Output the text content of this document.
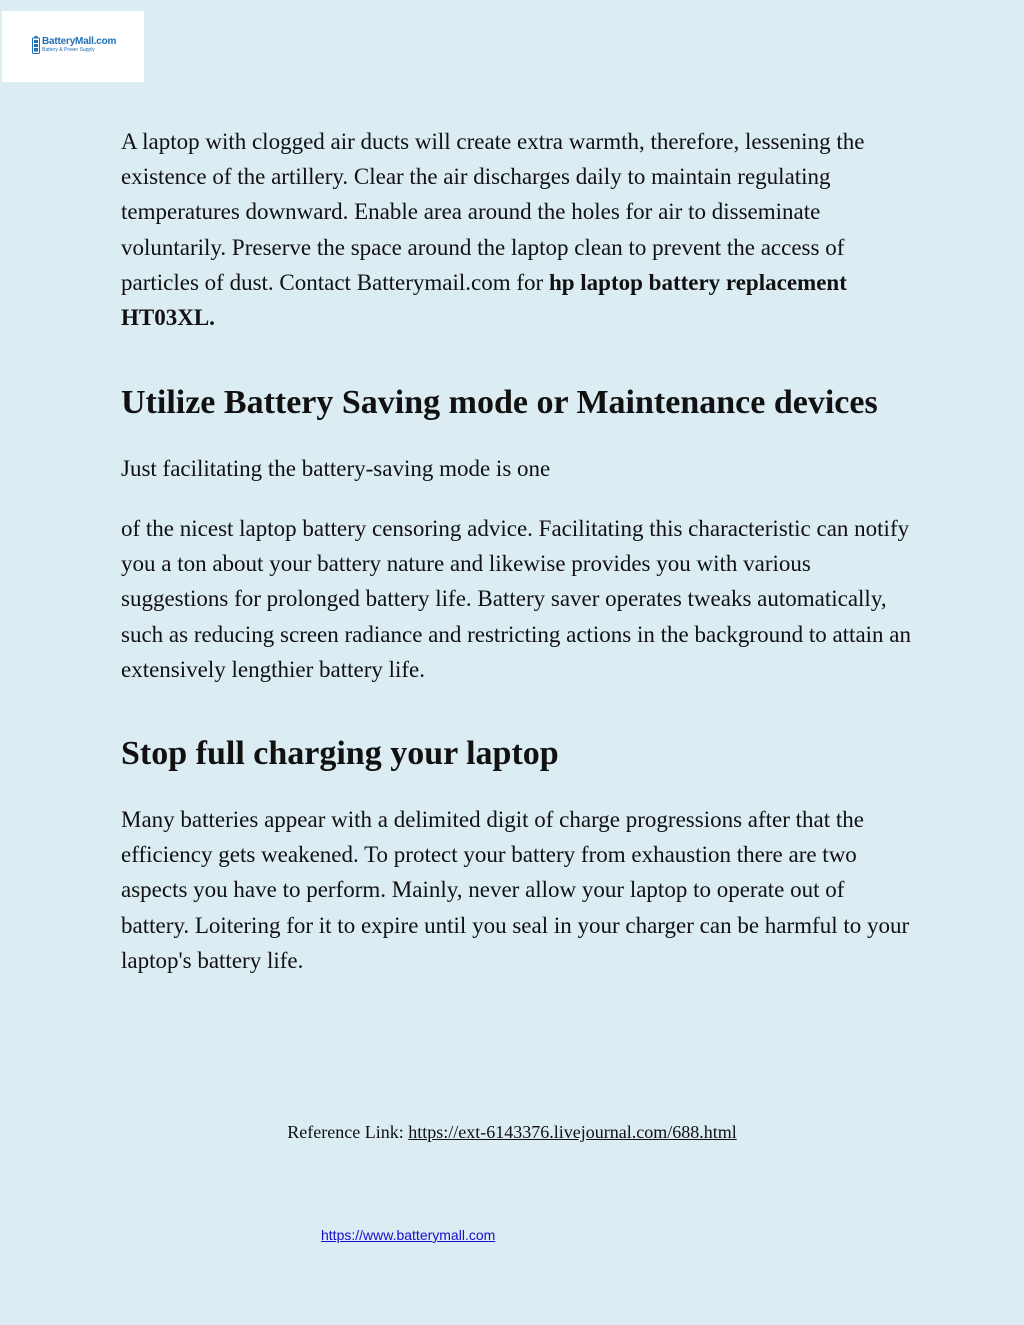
BatteryMall.com
Battery & Power Supply

A laptop with clogged air ducts will create extra warmth, therefore, lessening the existence of the artillery. Clear the air discharges daily to maintain regulating temperatures downward. Enable area around the holes for air to disseminate voluntarily. Preserve the space around the laptop clean to prevent the access of particles of dust. Contact Batterymail.com for hp laptop battery replacement HT03XL.

Utilize Battery Saving mode or Maintenance devices

Just facilitating the battery-saving mode is one

of the nicest laptop battery censoring advice. Facilitating this characteristic can notify you a ton about your battery nature and likewise provides you with various suggestions for prolonged battery life. Battery saver operates tweaks automatically, such as reducing screen radiance and restricting actions in the background to attain an extensively lengthier battery life.

Stop full charging your laptop

Many batteries appear with a delimited digit of charge progressions after that the efficiency gets weakened. To protect your battery from exhaustion there are two aspects you have to perform. Mainly, never allow your laptop to operate out of battery. Loitering for it to expire until you seal in your charger can be harmful to your laptop's battery life.

Reference Link: https://ext-6143376.livejournal.com/688.html
https://www.batterymall.com
